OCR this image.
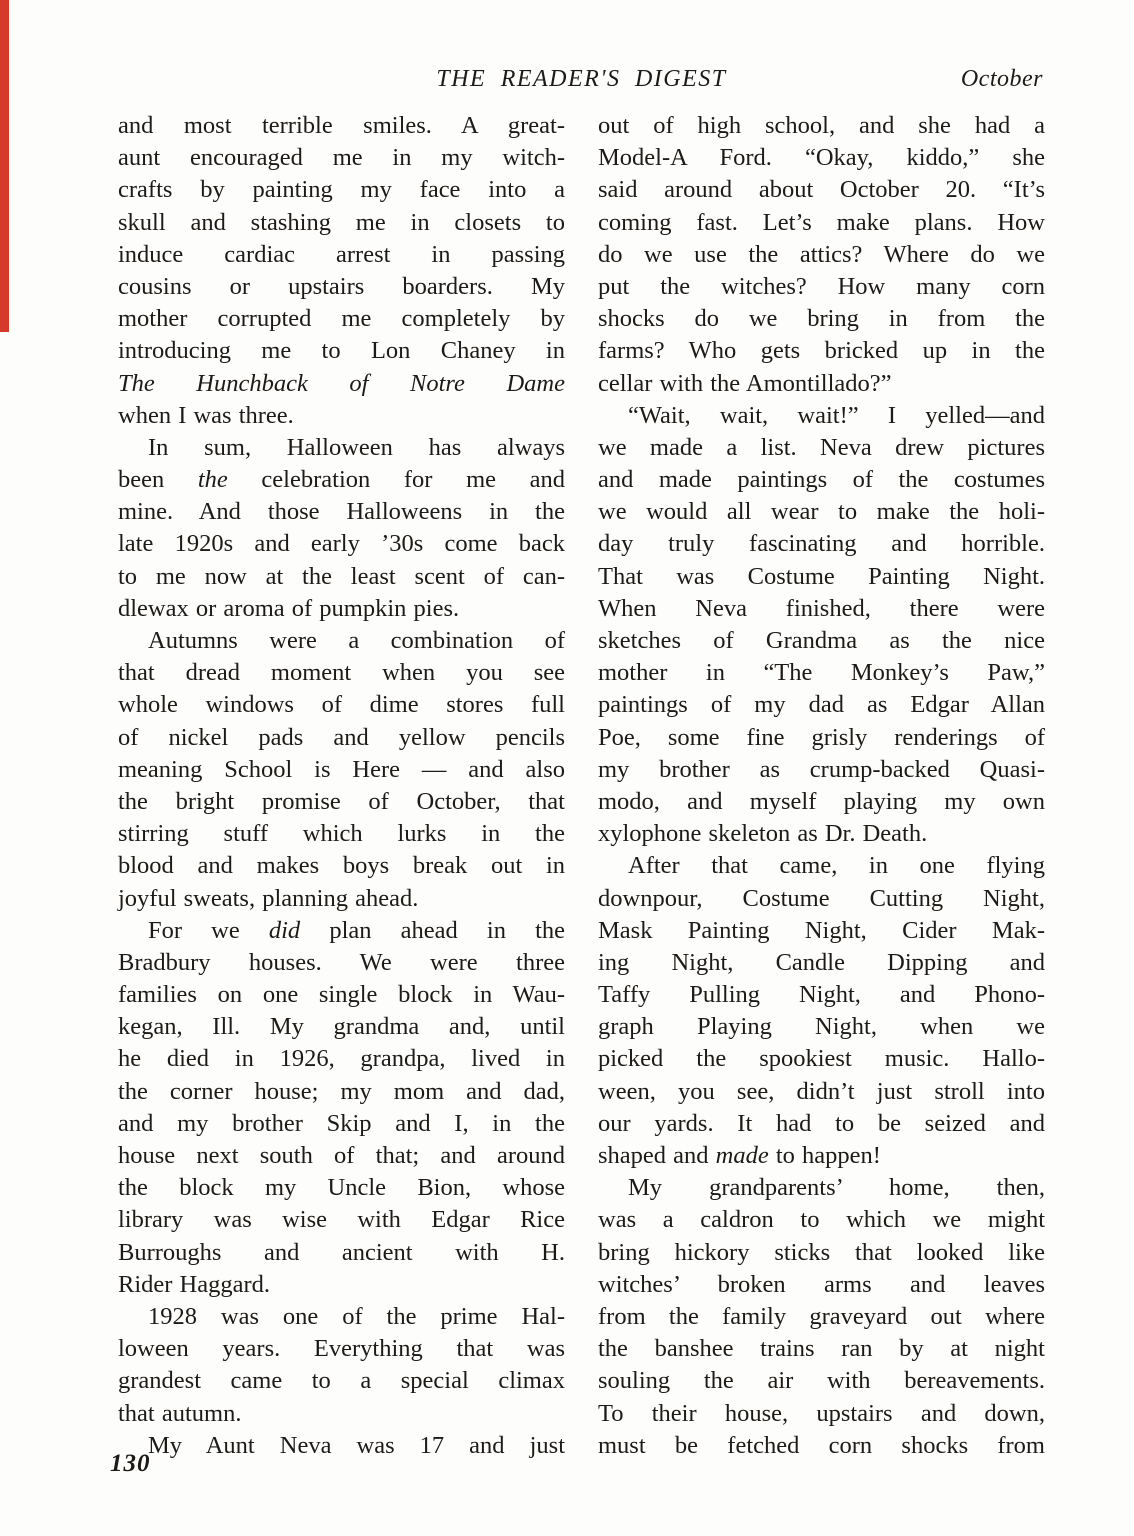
THE READER'S DIGEST	October
and most terrible smiles. A great-
aunt encouraged me in my witch-
crafts by painting my face into a
skull and stashing me in closets to
induce cardiac arrest in passing
cousins or upstairs boarders. My
mother corrupted me completely by
introducing me to Lon Chaney in
The Hunchback of Notre Dame
when I was three.
In sum, Halloween has always
been the celebration for me and
mine. And those Halloweens in the
late 1920s and early ’30s come back
to me now at the least scent of can-
dlewax or aroma of pumpkin pies.
Autumns were a combination of
that dread moment when you see
whole windows of dime stores full
of nickel pads and yellow pencils
meaning School is Here — and also
the bright promise of October, that
stirring stuff which lurks in the
blood and makes boys break out in
joyful sweats, planning ahead.
For we did plan ahead in the
Bradbury houses. We were three
families on one single block in Wau-
kegan, Ill. My grandma and, until
he died in 1926, grandpa, lived in
the corner house; my mom and dad,
and my brother Skip and I, in the
house next south of that; and around
the block my Uncle Bion, whose
library was wise with Edgar Rice
Burroughs and ancient with H.
Rider Haggard.
1928 was one of the prime Hal-
loween years. Everything that was
grandest came to a special climax
that autumn.
My Aunt Neva was 17 and just
out of high school, and she had a
Model-A Ford. “Okay, kiddo,” she
said around about October 20. “It’s
coming fast. Let’s make plans. How
do we use the attics? Where do we
put the witches? How many corn
shocks do we bring in from the
farms? Who gets bricked up in the
cellar with the Amontillado?”
“Wait, wait, wait!” I yelled—and
we made a list. Neva drew pictures
and made paintings of the costumes
we would all wear to make the holi-
day truly fascinating and horrible.
That was Costume Painting Night.
When Neva finished, there were
sketches of Grandma as the nice
mother in “The Monkey’s Paw,”
paintings of my dad as Edgar Allan
Poe, some fine grisly renderings of
my brother as crump-backed Quasi-
modo, and myself playing my own
xylophone skeleton as Dr. Death.
After that came, in one flying
downpour, Costume Cutting Night,
Mask Painting Night, Cider Mak-
ing Night, Candle Dipping and
Taffy Pulling Night, and Phono-
graph Playing Night, when we
picked the spookiest music. Hallo-
ween, you see, didn’t just stroll into
our yards. It had to be seized and
shaped and made to happen!
My grandparents’ home, then,
was a caldron to which we might
bring hickory sticks that looked like
witches’ broken arms and leaves
from the family graveyard out where
the banshee trains ran by at night
souling the air with bereavements.
To their house, upstairs and down,
must be fetched corn shocks from
130
